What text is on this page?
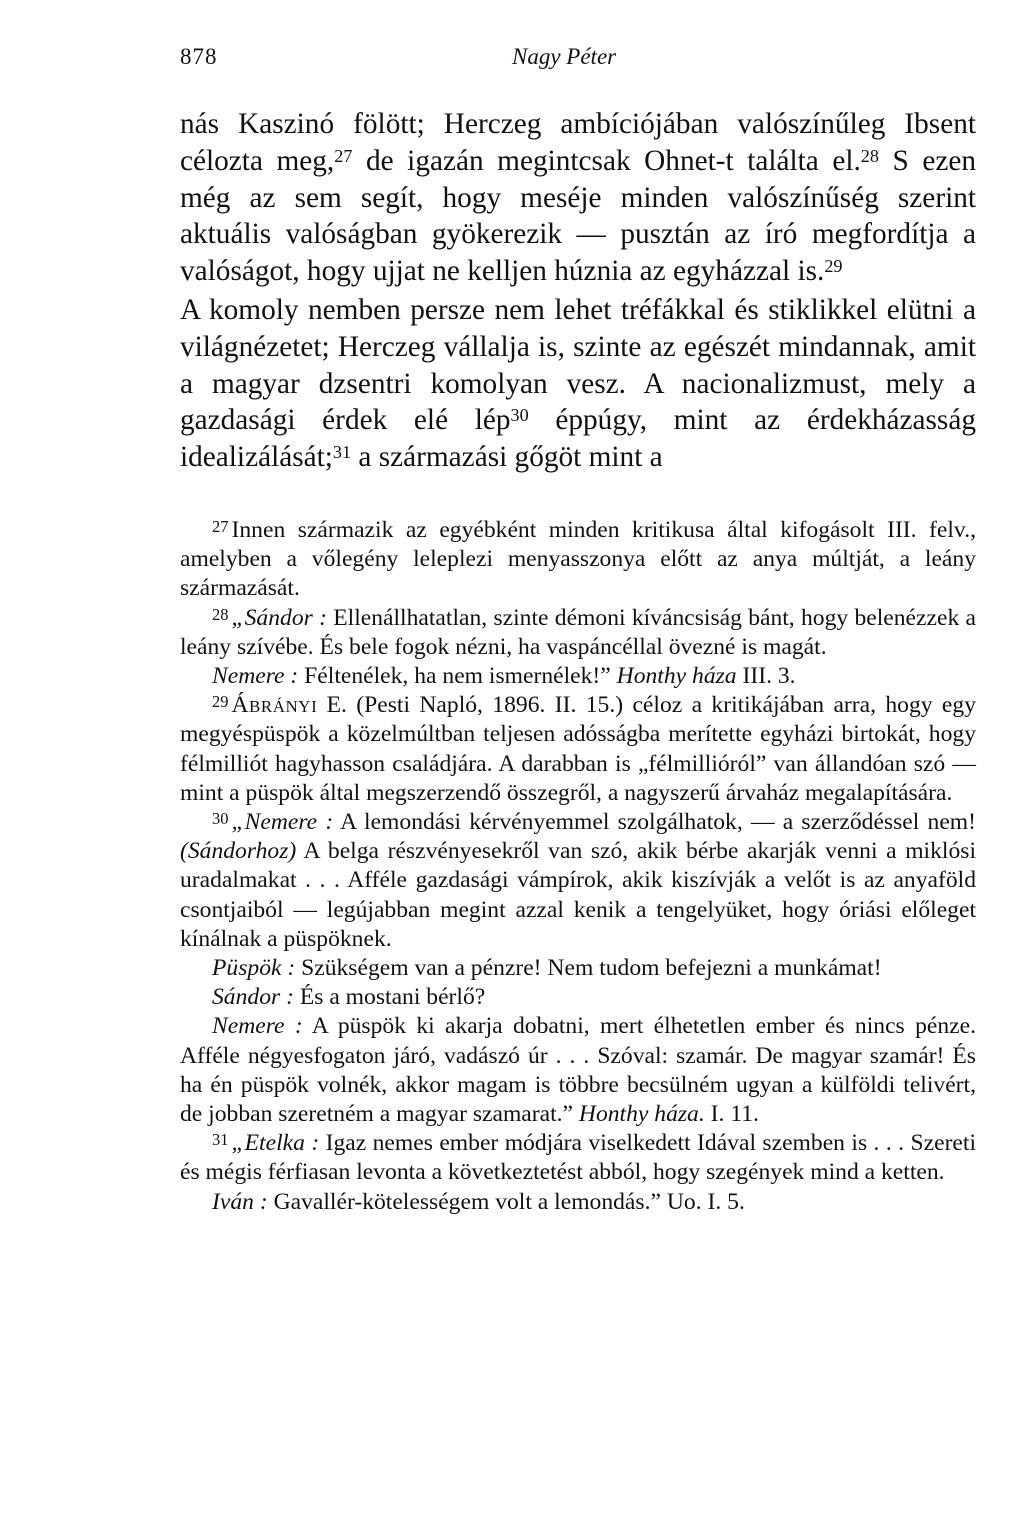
878	Nagy Péter

nás Kaszinó fölött; Herczeg ambíciójában valószínűleg Ibsent célozta meg,$^{27}$ de igazán megintcsak Ohnet-t találta el.$^{28}$ S ezen még az sem segít, hogy meséje minden valószínűség szerint aktuális valóságban gyökerezik — pusztán az író megfordítja a valóságot, hogy ujjat ne kelljen húznia az egyházzal is.$^{29}$

A komoly nemben persze nem lehet tréfákkal és stiklikkel elütni a világnézetet; Herczeg vállalja is, szinte az egészét mindannak, amit a magyar dzsentri komolyan vesz. A nacionalizmust, mely a gazdasági érdek elé lép$^{30}$ éppúgy, mint az érdekházasság idealizálását;$^{31}$ a származási gőgöt mint a

$^{27}$ Innen származik az egyébként minden kritikusa által kifogásolt III. felv., amelyben a vőlegény leleplezi menyasszonya előtt az anya múltját, a leány származását.

$^{28}$ „Sándor : Ellenállhatatlan, szinte démoni kíváncsiság bánt, hogy belenézzek a leány szívébe. És bele fogok nézni, ha vaspáncéllal övezné is magát.

Nemere : Féltenélek, ha nem ismernélek!” Honthy háza III. 3.

$^{29}$ Ábrányi E. (Pesti Napló, 1896. II. 15.) céloz a kritikájában arra, hogy egy megyéspüspök a közelmúltban teljesen adósságba merítette egyházi birtokát, hogy félmilliót hagyhasson családjára. A darabban is „félmillióról” van állandóan szó — mint a püspök által megszerzendő összegről, a nagyszerű árvaház megalapítására.

$^{30}$ „Nemere : A lemondási kérvényemmel szolgálhatok, — a szerződéssel nem! (Sándorhoz) A belga részvényesekről van szó, akik bérbe akarják venni a miklósi uradalmakat . . . Afféle gazdasági vámpírok, akik kiszívják a velőt is az anyaföld csontjaiból — legújabban megint azzal kenik a tengelyüket, hogy óriási előleget kínálnak a püspöknek.

Püspök : Szükségem van a pénzre! Nem tudom befejezni a munkámat!

Sándor : És a mostani bérlő?

Nemere : A püspök ki akarja dobatni, mert élhetetlen ember és nincs pénze. Afféle négyesfogaton járó, vadászó úr . . . Szóval: szamár. De magyar szamár! És ha én püspök volnék, akkor magam is többre becsülném ugyan a külföldi telivért, de jobban szeretném a magyar szamarat.” Honthy háza. I. 11.

$^{31}$ „Etelka : Igaz nemes ember módjára viselkedett Idával szemben is . . . Szereti és mégis férfiasan levonta a következtetést abból, hogy szegények mind a ketten.

Iván : Gavallér-kötelességem volt a lemondás.” Uo. I. 5.
